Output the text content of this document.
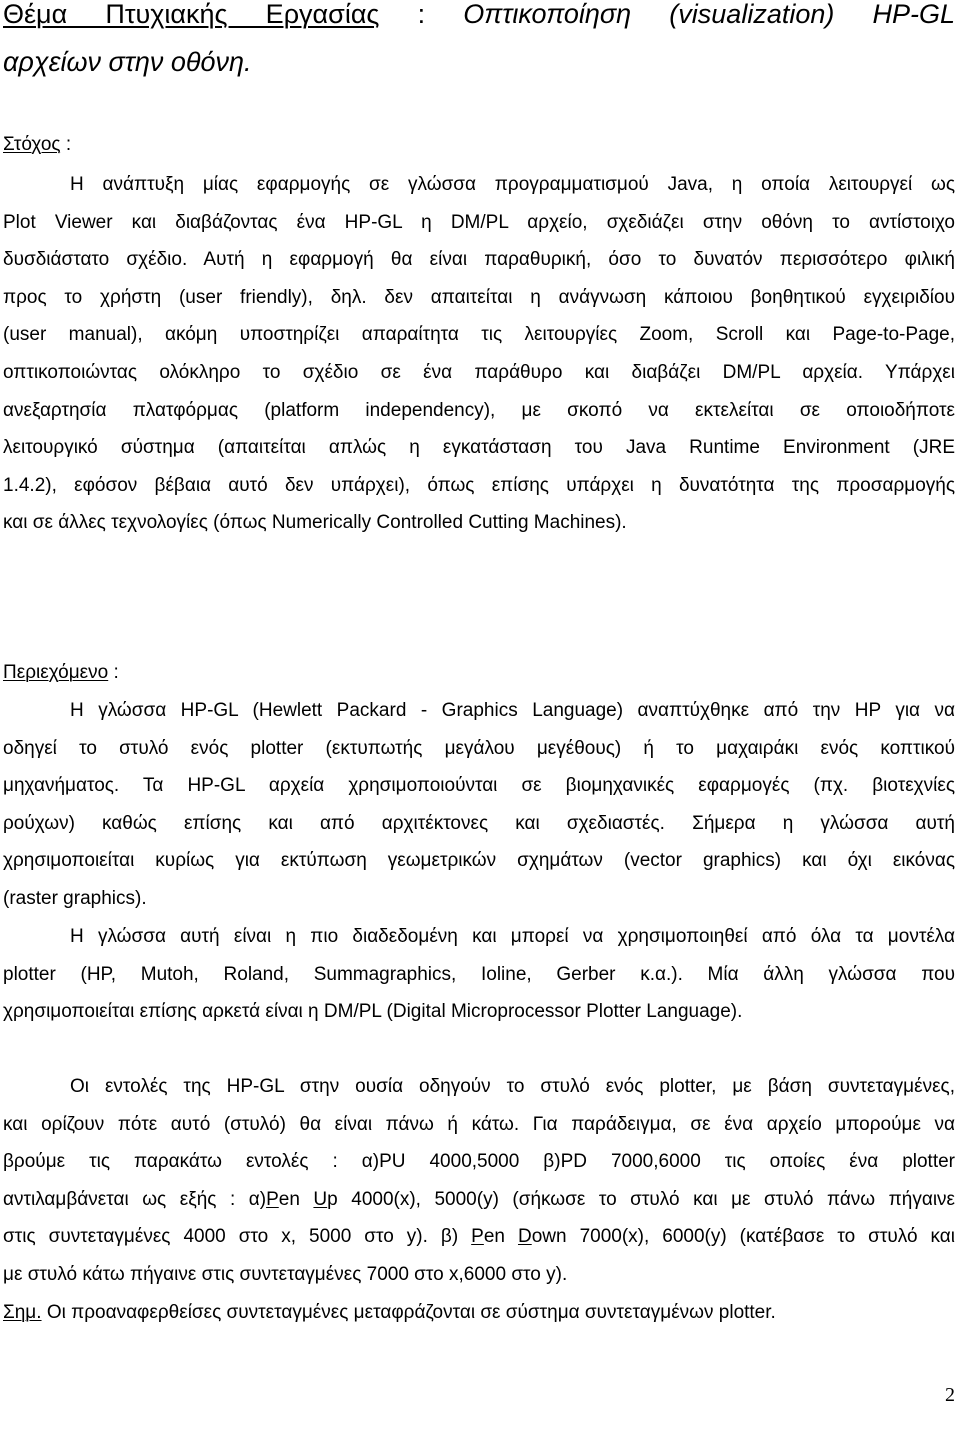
Θέμα Πτυχιακής Εργασίας : Οπτικοποίηση (visualization) HP-GL
αρχείων στην οθόνη.
Στόχος :
Η ανάπτυξη μίας εφαρμογής σε γλώσσα προγραμματισμού Java, η οποία λειτουργεί ως
Plot Viewer και διαβάζοντας ένα HP-GL η DM/PL αρχείο, σχεδιάζει στην οθόνη το αντίστοιχο
δυσδιάστατο σχέδιο. Αυτή η εφαρμογή θα είναι παραθυρική, όσο το δυνατόν περισσότερο φιλική
προς το χρήστη (user friendly), δηλ. δεν απαιτείται η ανάγνωση κάποιου βοηθητικού εγχειριδίου
(user manual), ακόμη υποστηρίζει απαραίτητα τις λειτουργίες Zoom, Scroll και Page-to-Page,
οπτικοποιώντας ολόκληρο το σχέδιο σε ένα παράθυρο και διαβάζει DM/PL αρχεία. Υπάρχει
ανεξαρτησία πλατφόρμας (platform independency), με σκοπό να εκτελείται σε οποιοδήποτε
λειτουργικό σύστημα (απαιτείται απλώς η εγκατάσταση του Java Runtime Environment (JRE
1.4.2), εφόσον βέβαια αυτό δεν υπάρχει), όπως επίσης υπάρχει η δυνατότητα της προσαρμογής
και σε άλλες τεχνολογίες (όπως Numerically Controlled Cutting Machines).
Περιεχόμενο :
Η γλώσσα HP-GL (Hewlett Packard - Graphics Language) αναπτύχθηκε από την HP για να
οδηγεί το στυλό ενός plotter (εκτυπωτής μεγάλου μεγέθους) ή το μαχαιράκι ενός κοπτικού
μηχανήματος. Τα HP-GL αρχεία χρησιμοποιούνται σε βιομηχανικές εφαρμογές (πχ. βιοτεχνίες
ρούχων) καθώς επίσης και από αρχιτέκτονες και σχεδιαστές. Σήμερα η γλώσσα αυτή
χρησιμοποιείται κυρίως για εκτύπωση γεωμετρικών σχημάτων (vector graphics) και όχι εικόνας
(raster graphics).
Η γλώσσα αυτή είναι η πιο διαδεδομένη και μπορεί να χρησιμοποιηθεί από όλα τα μοντέλα
plotter (HP, Mutoh, Roland, Summagraphics, Ioline, Gerber κ.α.). Μία άλλη γλώσσα που
χρησιμοποιείται επίσης αρκετά είναι η DM/PL (Digital Microprocessor Plotter Language).
Οι εντολές της HP-GL στην ουσία οδηγούν το στυλό ενός plotter, με βάση συντεταγμένες,
και ορίζουν πότε αυτό (στυλό) θα είναι πάνω ή κάτω. Για παράδειγμα, σε ένα αρχείο μπορούμε να
βρούμε τις παρακάτω εντολές : α)PU 4000,5000 β)PD 7000,6000 τις οποίες ένα plotter
αντιλαμβάνεται ως εξής : α)Pen Up 4000(x), 5000(y) (σήκωσε το στυλό και με στυλό πάνω πήγαινε
στις συντεταγμένες 4000 στο x, 5000 στο y). β) Pen Down 7000(x), 6000(y) (κατέβασε το στυλό και
με στυλό κάτω πήγαινε στις συντεταγμένες 7000 στο x,6000 στο y).
Σημ. Οι προαναφερθείσες συντεταγμένες μεταφράζονται σε σύστημα συντεταγμένων plotter.
2
